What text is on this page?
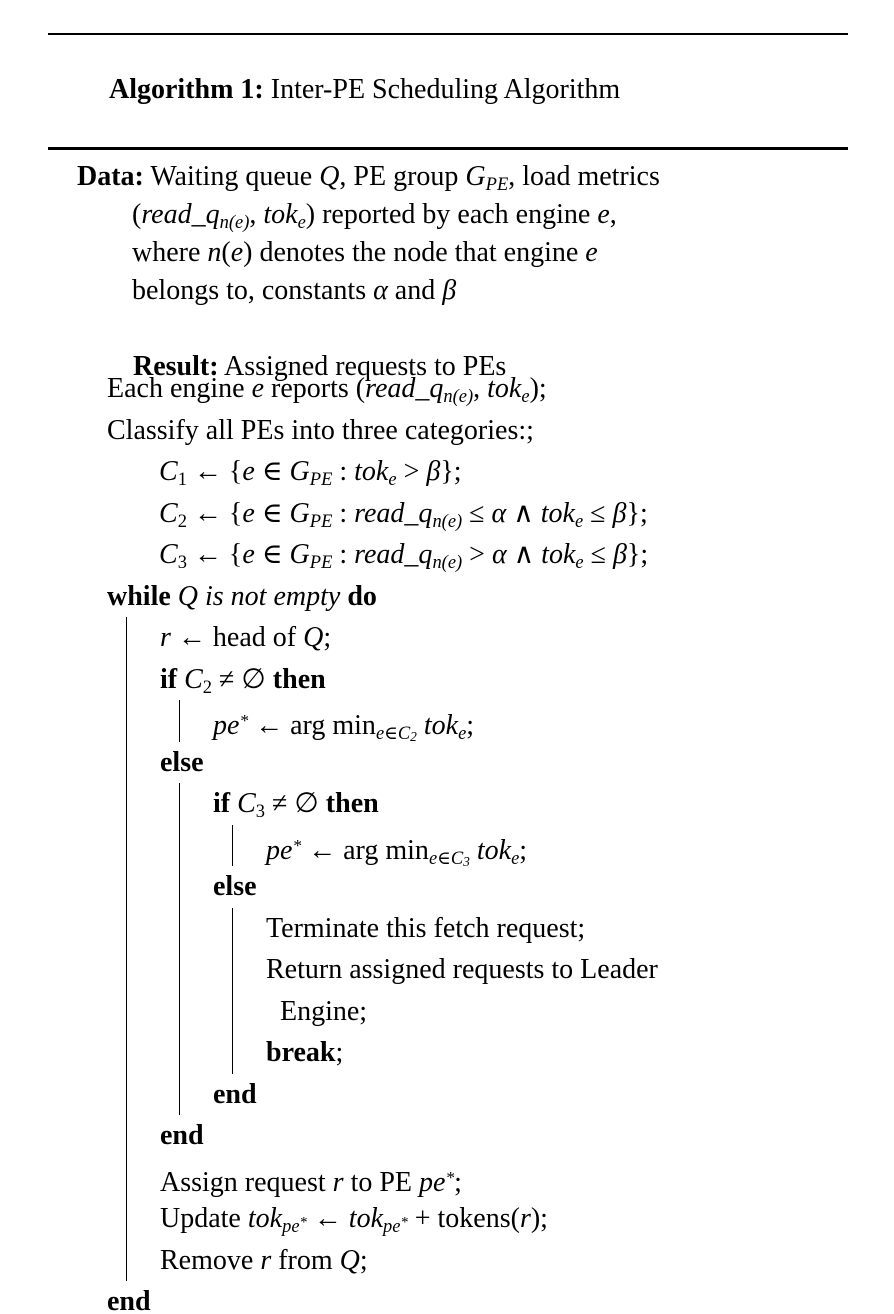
Algorithm 1: Inter-PE Scheduling Algorithm

Data: Waiting queue Q, PE group GPE, load metrics
(read_qn(e), toke) reported by each engine e,
where n(e) denotes the node that engine e
belongs to, constants α and β

Result: Assigned requests to PEs

Each engine e reports (read_qn(e), toke);
Classify all PEs into three categories:;
C1 ← {e ∈ GPE : toke > β};
C2 ← {e ∈ GPE : read_qn(e) ≤ α ∧ toke ≤ β};
C3 ← {e ∈ GPE : read_qn(e) > α ∧ toke ≤ β};
while Q is not empty do
r ← head of Q;
if C2 ≠ ∅ then
pe* ← arg $\min e\in C_2$ toke;
else
if C3 ≠ ∅ then
pe* ← arg $\min e\in C_3$ toke;
else
Terminate this fetch request;
Return assigned requests to Leader
Engine;
break;
end
end
Assign request r to PE pe*;
Update tokpe* ← tokpe* + tokens(r);
Remove r from Q;
end
